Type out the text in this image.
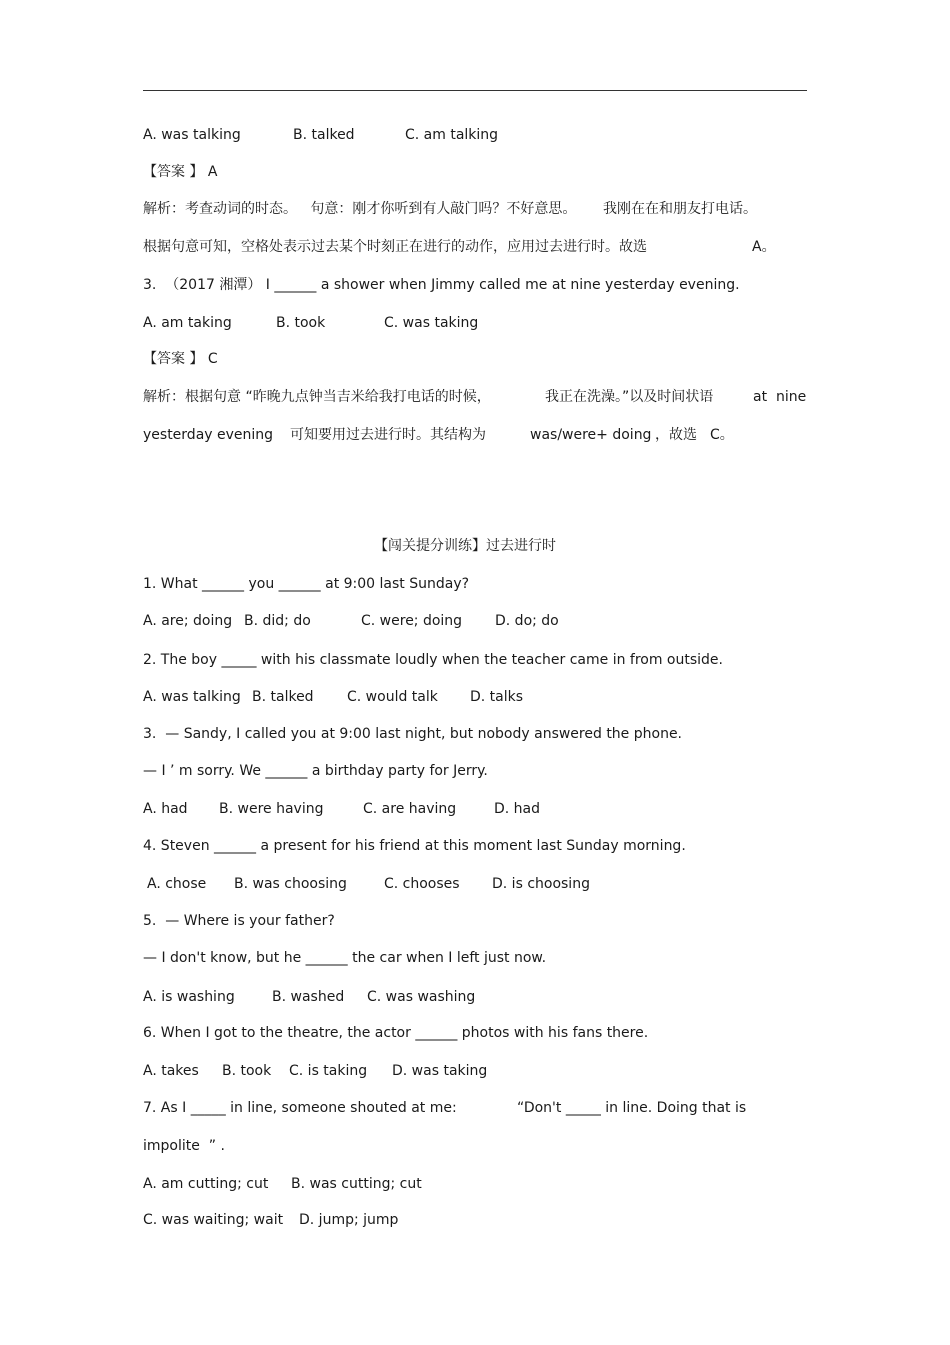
A. was talking	B. talked	C. am talking
【答案 】 A
解析：考查动词的时态。   句意：刚才你听到有人敲门吗？不好意思。      我刚在在和朋友打电话。
根据句意可知，空格处表示过去某个时刻正在进行的动作，应用过去进行时。故选	A。
3.  （2017 湘潭） I ______ a shower when Jimmy called me at nine yesterday evening.
A. am taking	B. took	C. was taking
【答案 】 C
解析：根据句意 “昨晚九点钟当吉米给我打电话的时候，	我正在洗澡。”以及时间状语	at  nine
yesterday evening 可知要用过去进行时。其结构为	was/were+ doing ，故选 C。
【闯关提分训练】过去进行时
1. What ______ you ______ at 9:00 last Sunday?
A. are; doing B. did; do	C. were; doing D. do; do
2. The boy _____ with his classmate loudly when the teacher came in from outside.
A. was talking B. talked C. would talk D. talks
3.  — Sandy, I called you at 9:00 last night, but nobody answered the phone.
— I ’ m sorry. We ______ a birthday party for Jerry.
A. had B. were having	C. are having	D. had
4. Steven ______ a present for his friend at this moment last Sunday morning.
A. chose B. was choosing	C. chooses D. is choosing
5.  — Where is your father?
— I don't know, but he ______ the car when I left just now.
A. is washing	B. washed C. was washing
6. When I got to the theatre, the actor ______ photos with his fans there.
A. takes B. took C. is taking D. was taking
7. As I _____ in line, someone shouted at me:	“Don't _____ in line. Doing that is
impolite  ” .
A. am cutting; cut B. was cutting; cut
C. was waiting; wait D. jump; jump
